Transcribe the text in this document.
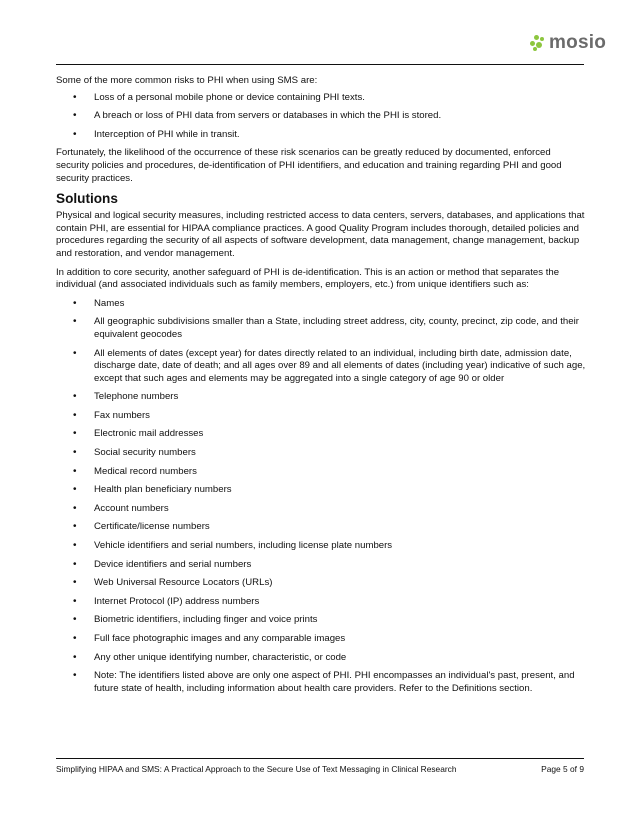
mosio

Some of the more common risks to PHI when using SMS are:

• Loss of a personal mobile phone or device containing PHI texts.
• A breach or loss of PHI data from servers or databases in which the PHI is stored.
• Interception of PHI while in transit.

Fortunately, the likelihood of the occurrence of these risk scenarios can be greatly reduced by documented, enforced security policies and procedures, de-identification of PHI identifiers, and education and training regarding PHI and good security practices.

Solutions

Physical and logical security measures, including restricted access to data centers, servers, databases, and applications that contain PHI, are essential for HIPAA compliance practices. A good Quality Program includes thorough, detailed policies and procedures regarding the security of all aspects of software development, data management, change management, backup and restoration, and vendor management.

In addition to core security, another safeguard of PHI is de-identification. This is an action or method that separates the individual (and associated individuals such as family members, employers, etc.) from unique identifiers such as:

• Names
• All geographic subdivisions smaller than a State, including street address, city, county, precinct, zip code, and their equivalent geocodes
• All elements of dates (except year) for dates directly related to an individual, including birth date, admission date, discharge date, date of death; and all ages over 89 and all elements of dates (including year) indicative of such age, except that such ages and elements may be aggregated into a single category of age 90 or older
• Telephone numbers
• Fax numbers
• Electronic mail addresses
• Social security numbers
• Medical record numbers
• Health plan beneficiary numbers
• Account numbers
• Certificate/license numbers
• Vehicle identifiers and serial numbers, including license plate numbers
• Device identifiers and serial numbers
• Web Universal Resource Locators (URLs)
• Internet Protocol (IP) address numbers
• Biometric identifiers, including finger and voice prints
• Full face photographic images and any comparable images
• Any other unique identifying number, characteristic, or code
• Note: The identifiers listed above are only one aspect of PHI. PHI encompasses an individual's past, present, and future state of health, including information about health care providers. Refer to the Definitions section.
Simplifying HIPAA and SMS: A Practical Approach to the Secure Use of Text Messaging in Clinical Research	Page 5 of 9
